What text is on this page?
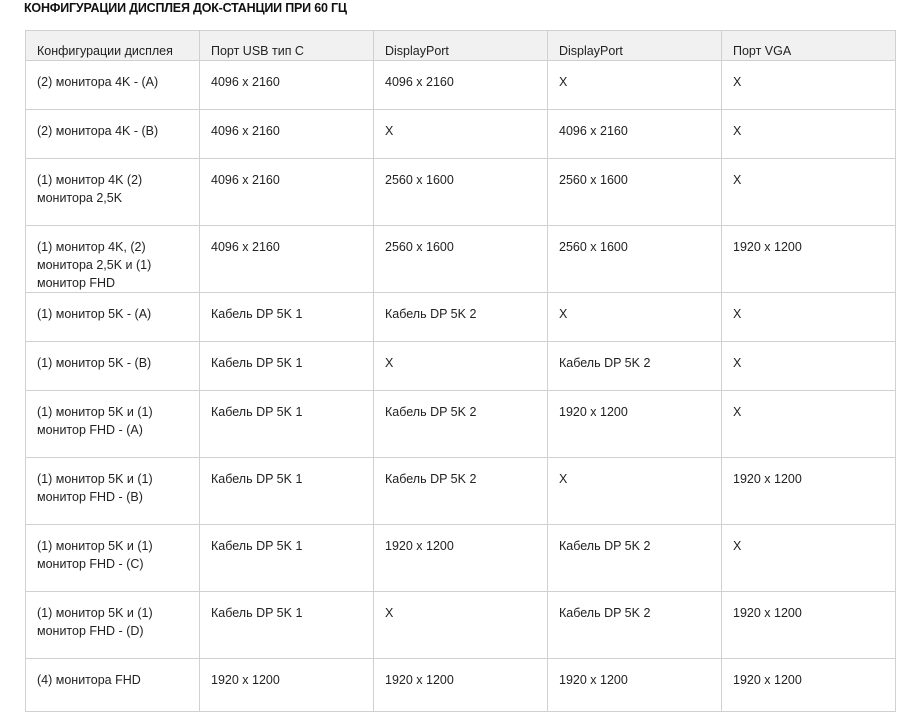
КОНФИГУРАЦИИ ДИСПЛЕЯ ДОК-СТАНЦИИ ПРИ 60 ГЦ
Конфигурации дисплея	Порт USB тип C	DisplayPort	DisplayPort	Порт VGA
(2) монитора 4K - (A)	4096 x 2160	4096 x 2160	X	X
(2) монитора 4K - (B)	4096 x 2160	X	4096 x 2160	X
(1) монитор 4K (2) монитора 2,5K	4096 x 2160	2560 x 1600	2560 x 1600	X
(1) монитор 4K, (2) монитора 2,5K и (1) монитор FHD	4096 x 2160	2560 x 1600	2560 x 1600	1920 x 1200
(1) монитор 5K - (A)	Кабель DP 5K 1	Кабель DP 5K 2	X	X
(1) монитор 5K - (B)	Кабель DP 5K 1	X	Кабель DP 5K 2	X
(1) монитор 5K и (1) монитор FHD - (A)	Кабель DP 5K 1	Кабель DP 5K 2	1920 x 1200	X
(1) монитор 5K и (1) монитор FHD - (B)	Кабель DP 5K 1	Кабель DP 5K 2	X	1920 x 1200
(1) монитор 5K и (1) монитор FHD - (C)	Кабель DP 5K 1	1920 x 1200	Кабель DP 5K 2	X
(1) монитор 5K и (1) монитор FHD - (D)	Кабель DP 5K 1	X	Кабель DP 5K 2	1920 x 1200
(4) монитора FHD	1920 x 1200	1920 x 1200	1920 x 1200	1920 x 1200
